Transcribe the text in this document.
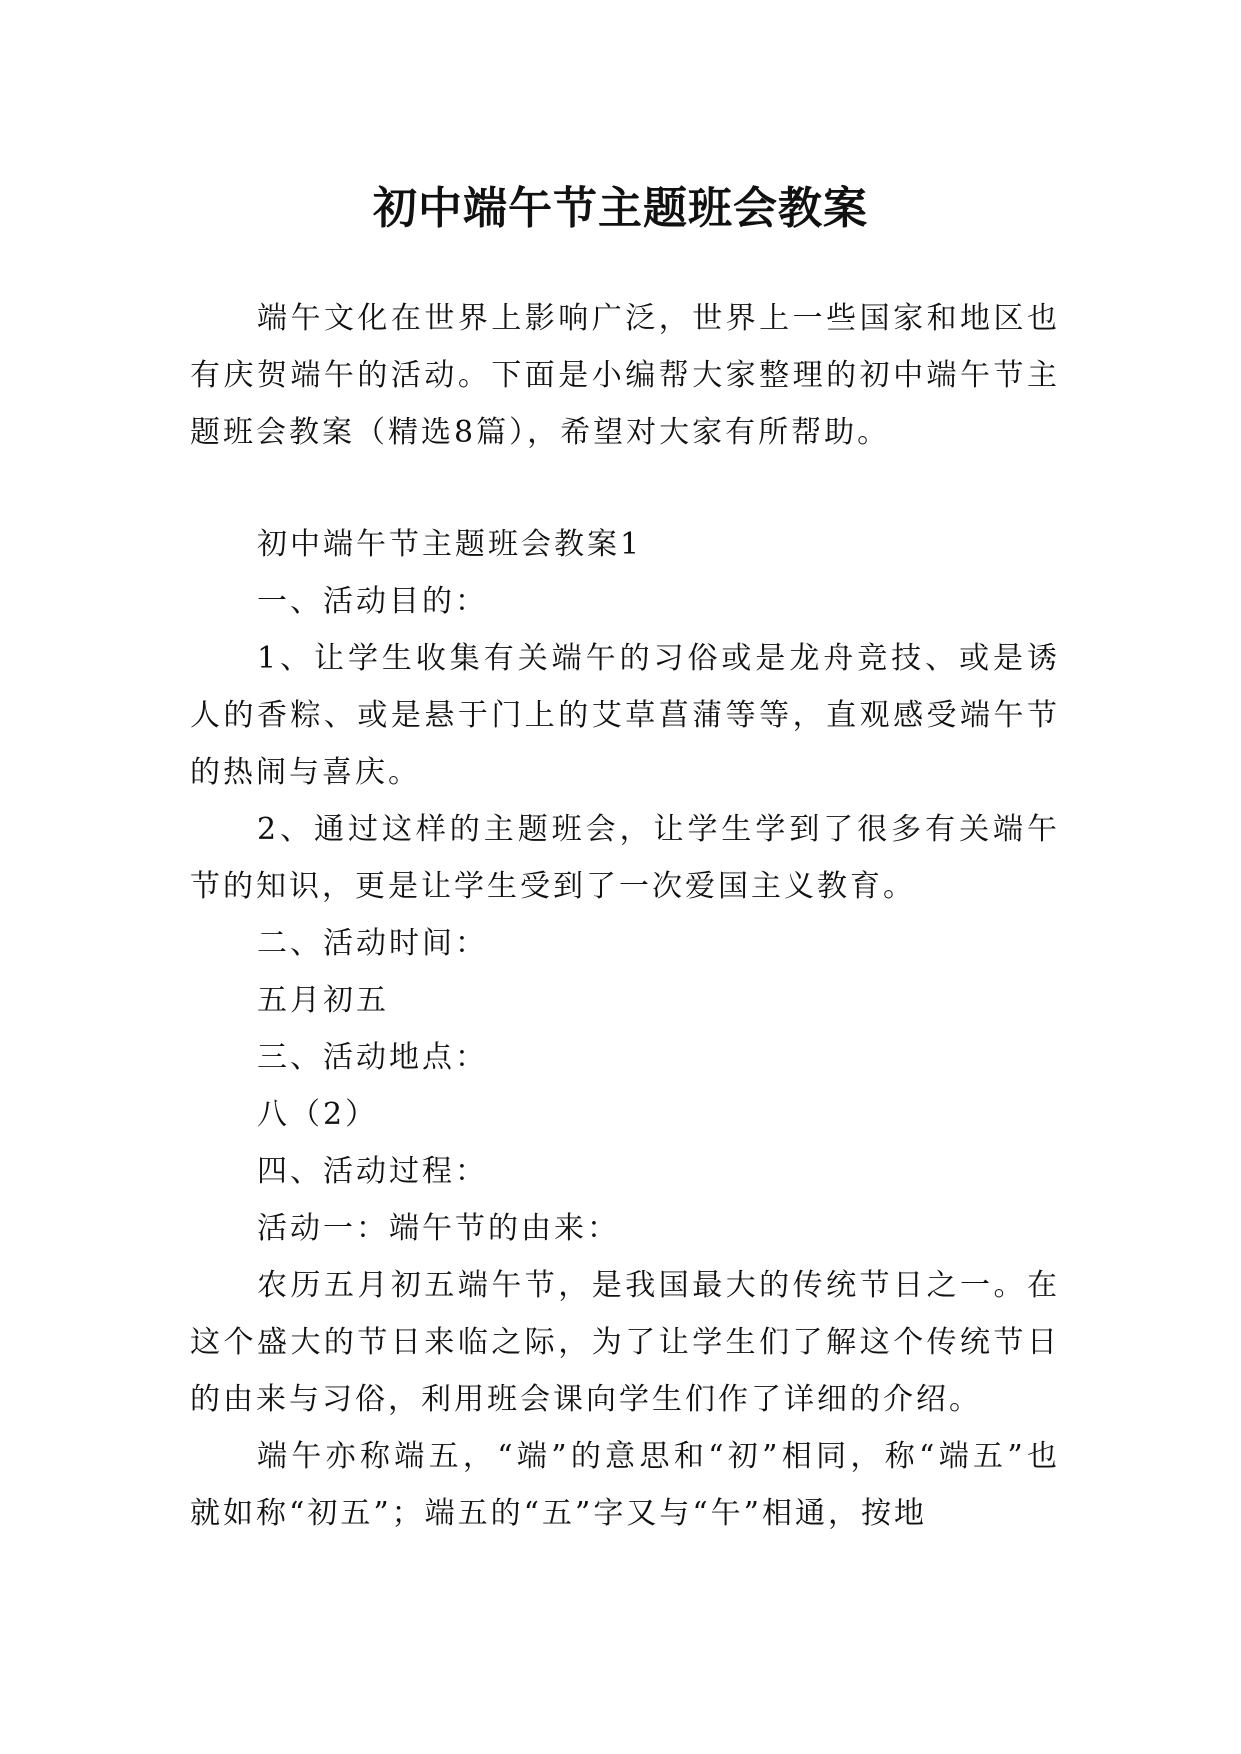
初中端午节主题班会教案

端午文化在世界上影响广泛，世界上一些国家和地区也有庆贺端午的活动。下面是小编帮大家整理的初中端午节主题班会教案（精选8篇），希望对大家有所帮助。

初中端午节主题班会教案1

一、活动目的：

1、让学生收集有关端午的习俗或是龙舟竞技、或是诱人的香粽、或是悬于门上的艾草菖蒲等等，直观感受端午节的热闹与喜庆。

2、通过这样的主题班会，让学生学到了很多有关端午节的知识，更是让学生受到了一次爱国主义教育。

二、活动时间：

五月初五

三、活动地点：

八（2）

四、活动过程：

活动一：端午节的由来：

农历五月初五端午节，是我国最大的传统节日之一。在这个盛大的节日来临之际，为了让学生们了解这个传统节日的由来与习俗，利用班会课向学生们作了详细的介绍。

端午亦称端五，“端”的意思和“初”相同，称“端五”也就如称“初五”；端五的“五”字又与“午”相通，按地
